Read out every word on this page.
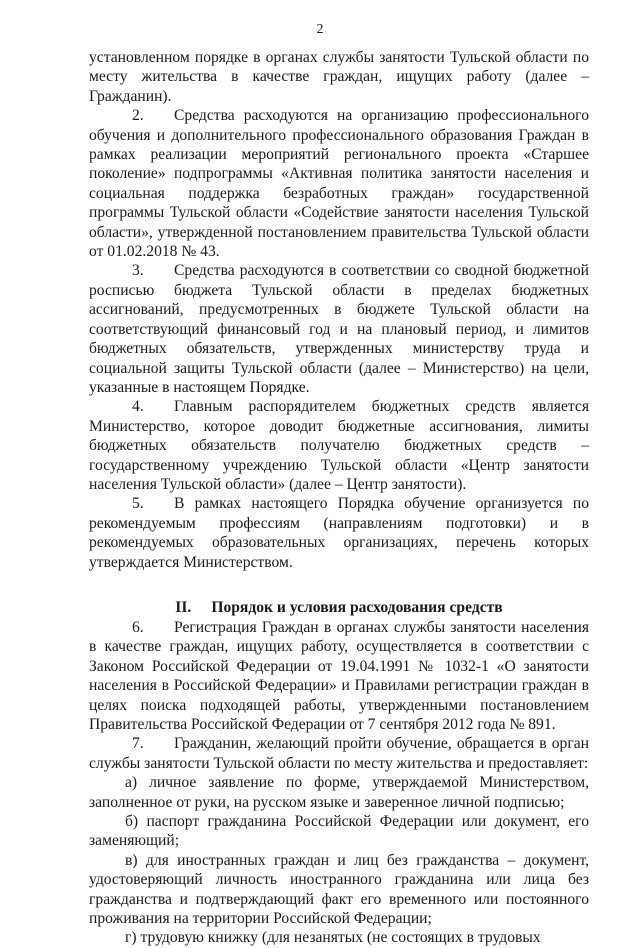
2

установленном порядке в органах службы занятости Тульской области по месту жительства в качестве граждан, ищущих работу (далее – Гражданин).

2. Средства расходуются на организацию профессионального обучения и дополнительного профессионального образования Граждан в рамках реализации мероприятий регионального проекта «Старшее поколение» подпрограммы «Активная политика занятости населения и социальная поддержка безработных граждан» государственной программы Тульской области «Содействие занятости населения Тульской области», утвержденной постановлением правительства Тульской области от 01.02.2018 № 43.

3. Средства расходуются в соответствии со сводной бюджетной росписью бюджета Тульской области в пределах бюджетных ассигнований, предусмотренных в бюджете Тульской области на соответствующий финансовый год и на плановый период, и лимитов бюджетных обязательств, утвержденных министерству труда и социальной защиты Тульской области (далее – Министерство) на цели, указанные в настоящем Порядке.

4. Главным распорядителем бюджетных средств является Министерство, которое доводит бюджетные ассигнования, лимиты бюджетных обязательств получателю бюджетных средств – государственному учреждению Тульской области «Центр занятости населения Тульской области» (далее – Центр занятости).

5. В рамках настоящего Порядка обучение организуется по рекомендуемым профессиям (направлениям подготовки) и в рекомендуемых образовательных организациях, перечень которых утверждается Министерством.

II. Порядок и условия расходования средств

6. Регистрация Граждан в органах службы занятости населения в качестве граждан, ищущих работу, осуществляется в соответствии с Законом Российской Федерации от 19.04.1991 № 1032-1 «О занятости населения в Российской Федерации» и Правилами регистрации граждан в целях поиска подходящей работы, утвержденными постановлением Правительства Российской Федерации от 7 сентября 2012 года № 891.

7. Гражданин, желающий пройти обучение, обращается в орган службы занятости Тульской области по месту жительства и предоставляет:

а) личное заявление по форме, утверждаемой Министерством, заполненное от руки, на русском языке и заверенное личной подписью;

б) паспорт гражданина Российской Федерации или документ, его заменяющий;

в) для иностранных граждан и лиц без гражданства – документ, удостоверяющий личность иностранного гражданина или лица без гражданства и подтверждающий факт его временного или постоянного проживания на территории Российской Федерации;

г) трудовую книжку (для незанятых (не состоящих в трудовых
